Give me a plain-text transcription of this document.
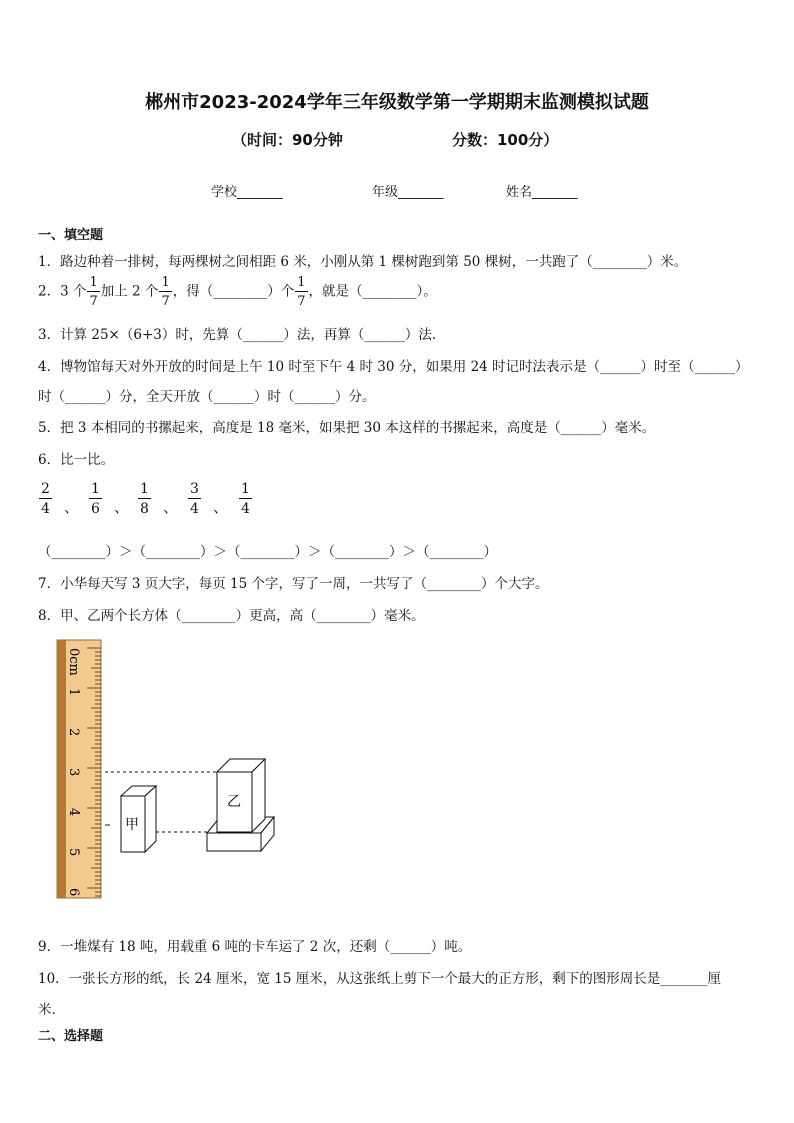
郴州市2023-2024学年三年级数学第一学期期末监测模拟试题
（时间：90分钟	分数：100分）
学校_______	年级_______	姓名_______
一、填空题
1．路边种着一排树，每两棵树之间相距 6 米，小刚从第 1 棵树跑到第 50 棵树，一共跑了（________）米。
2．3 个 $\frac{1}{7}$ 加上 2 个 $\frac{1}{7}$ ，得（________）个 $\frac{1}{7}$ ，就是（________）。
3．计算 25×（6+3）时，先算（______）法，再算（______）法．
4．博物馆每天对外开放的时间是上午 10 时至下午 4 时 30 分，如果用 24 时记时法表示是（______）时至（______）
时（______）分，全天开放（______）时（______）分。
5．把 3 本相同的书摞起来，高度是 18 毫米，如果把 30 本这样的书摞起来，高度是（______）毫米。
6．比一比。
$\frac{2}{4}$ 、 $\frac{1}{6}$ 、 $\frac{1}{8}$ 、 $\frac{3}{4}$ 、 $\frac{1}{4}$
（________）＞（________）＞（________）＞（________）＞（________）
7．小华每天写 3 页大字，每页 15 个字，写了一周，一共写了（________）个大字。
8．甲、乙两个长方体（________）更高，高（________）毫米。
0cm
1
2
3
4
5
6
甲
乙
9．一堆煤有 18 吨，用载重 6 吨的卡车运了 2 次，还剩（______）吨。
10．一张长方形的纸，长 24 厘米，宽 15 厘米，从这张纸上剪下一个最大的正方形，剩下的图形周长是_______厘
米．
二、选择题
